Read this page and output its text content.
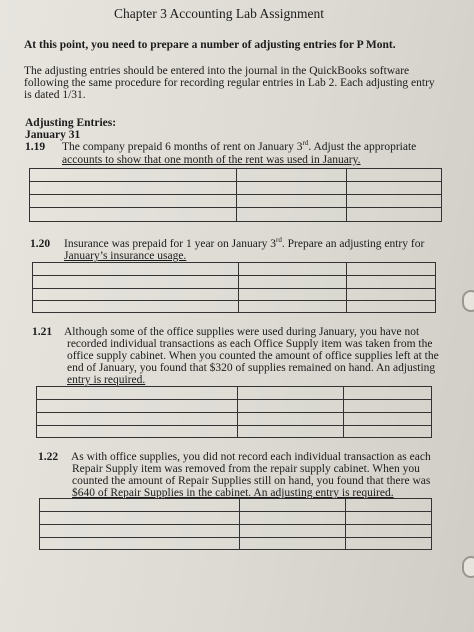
Chapter 3 Accounting Lab Assignment
At this point, you need to prepare a number of adjusting entries for P Mont.
The adjusting entries should be entered into the journal in the QuickBooks software
following the same procedure for recording regular entries in Lab 2. Each adjusting entry
is dated 1/31.
Adjusting Entries:
January 31
1.19 The company prepaid 6 months of rent on January 3rd. Adjust the appropriate
accounts to show that one month of the rent was used in January.
1.20 Insurance was prepaid for 1 year on January 3rd. Prepare an adjusting entry for
January’s insurance usage.
1.21 Although some of the office supplies were used during January, you have not
recorded individual transactions as each Office Supply item was taken from the
office supply cabinet. When you counted the amount of office supplies left at the
end of January, you found that $320 of supplies remained on hand. An adjusting
entry is required.
1.22 As with office supplies, you did not record each individual transaction as each
Repair Supply item was removed from the repair supply cabinet. When you
counted the amount of Repair Supplies still on hand, you found that there was
$640 of Repair Supplies in the cabinet. An adjusting entry is required.
